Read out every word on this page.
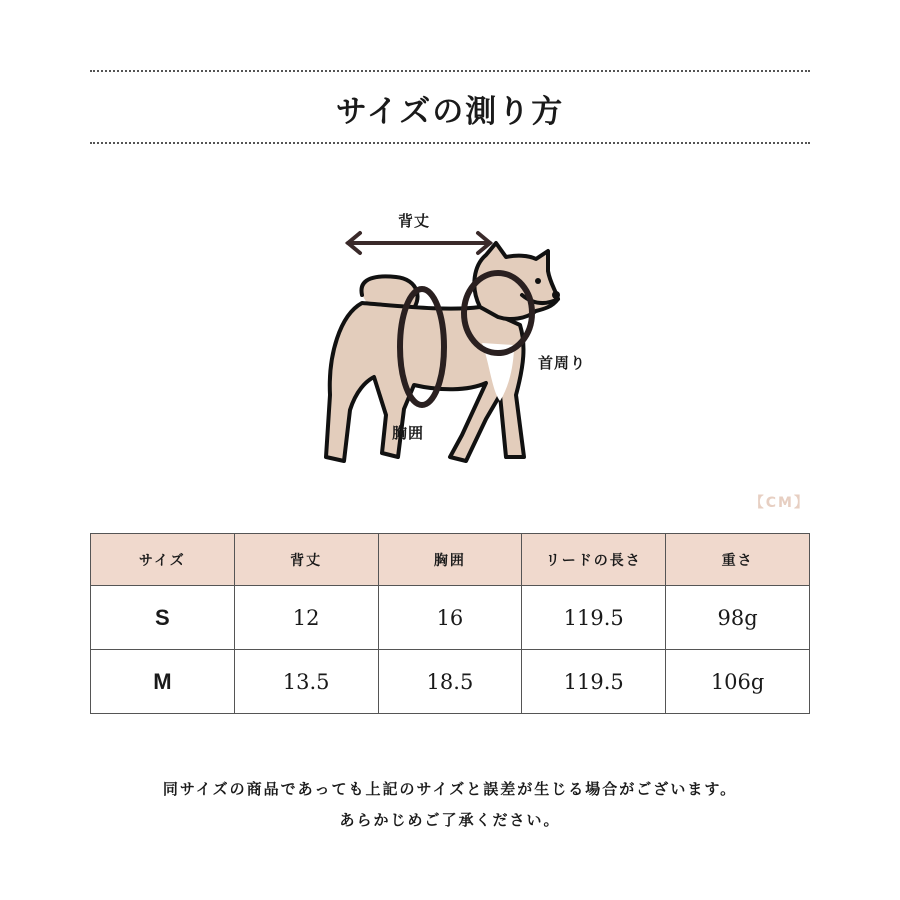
サイズの測り方
背丈
首周り
胸囲
【CM】
サイズ	背丈	胸囲	リードの長さ	重さ
S	12	16	119.5	98g
M	13.5	18.5	119.5	106g

同サイズの商品であっても上記のサイズと誤差が生じる場合がございます。

あらかじめご了承ください。
